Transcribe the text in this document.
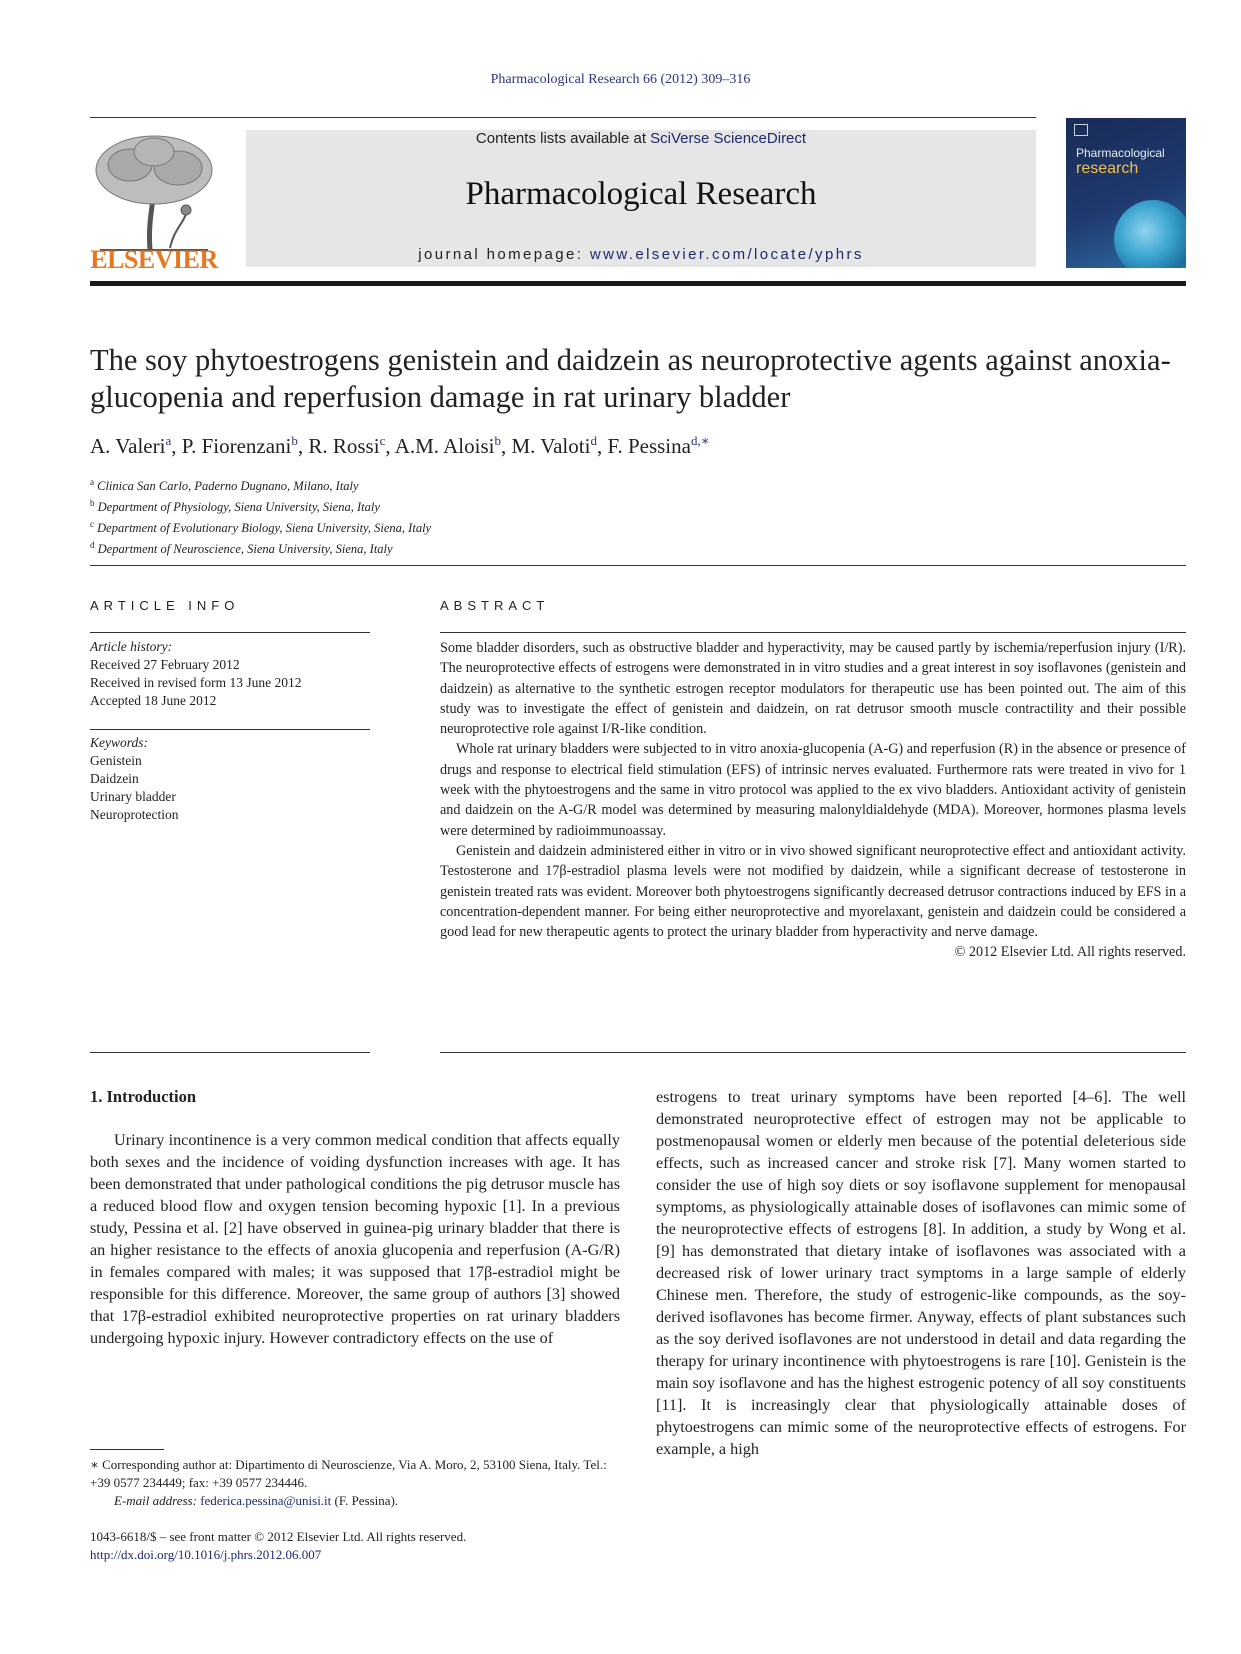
Pharmacological Research 66 (2012) 309–316
ELSEVIER
Contents lists available at SciVerse ScienceDirect
Pharmacological Research
journal homepage: www.elsevier.com/locate/yphrs
Pharmacological
research
The soy phytoestrogens genistein and daidzein as neuroprotective agents against anoxia-glucopenia and reperfusion damage in rat urinary bladder
A. Valeri$^a$, P. Fiorenzani$^b$, R. Rossi$^c$, A.M. Aloisi$^b$, M. Valoti$^d$, F. Pessina$^{d,∗}$
$^a$ Clinica San Carlo, Paderno Dugnano, Milano, Italy
$^b$ Department of Physiology, Siena University, Siena, Italy
$^c$ Department of Evolutionary Biology, Siena University, Siena, Italy
$^d$ Department of Neuroscience, Siena University, Siena, Italy
ARTICLE INFO
Article history:
Received 27 February 2012
Received in revised form 13 June 2012
Accepted 18 June 2012
Keywords:
Genistein
Daidzein
Urinary bladder
Neuroprotection
ABSTRACT

Some bladder disorders, such as obstructive bladder and hyperactivity, may be caused partly by ischemia/reperfusion injury (I/R). The neuroprotective effects of estrogens were demonstrated in in vitro studies and a great interest in soy isoflavones (genistein and daidzein) as alternative to the synthetic estrogen receptor modulators for therapeutic use has been pointed out. The aim of this study was to investigate the effect of genistein and daidzein, on rat detrusor smooth muscle contractility and their possible neuroprotective role against I/R-like condition.

Whole rat urinary bladders were subjected to in vitro anoxia-glucopenia (A-G) and reperfusion (R) in the absence or presence of drugs and response to electrical field stimulation (EFS) of intrinsic nerves evaluated. Furthermore rats were treated in vivo for 1 week with the phytoestrogens and the same in vitro protocol was applied to the ex vivo bladders. Antioxidant activity of genistein and daidzein on the A-G/R model was determined by measuring malonyldialdehyde (MDA). Moreover, hormones plasma levels were determined by radioimmunoassay.

Genistein and daidzein administered either in vitro or in vivo showed significant neuroprotective effect and antioxidant activity. Testosterone and 17β-estradiol plasma levels were not modified by daidzein, while a significant decrease of testosterone in genistein treated rats was evident. Moreover both phytoestrogens significantly decreased detrusor contractions induced by EFS in a concentration-dependent manner. For being either neuroprotective and myorelaxant, genistein and daidzein could be considered a good lead for new therapeutic agents to protect the urinary bladder from hyperactivity and nerve damage.

© 2012 Elsevier Ltd. All rights reserved.

1. Introduction

Urinary incontinence is a very common medical condition that affects equally both sexes and the incidence of voiding dysfunction increases with age. It has been demonstrated that under pathological conditions the pig detrusor muscle has a reduced blood flow and oxygen tension becoming hypoxic [1]. In a previous study, Pessina et al. [2] have observed in guinea-pig urinary bladder that there is an higher resistance to the effects of anoxia glucopenia and reperfusion (A-G/R) in females compared with males; it was supposed that 17β-estradiol might be responsible for this difference. Moreover, the same group of authors [3] showed that 17β-estradiol exhibited neuroprotective properties on rat urinary bladders undergoing hypoxic injury. However contradictory effects on the use of

estrogens to treat urinary symptoms have been reported [4–6]. The well demonstrated neuroprotective effect of estrogen may not be applicable to postmenopausal women or elderly men because of the potential deleterious side effects, such as increased cancer and stroke risk [7]. Many women started to consider the use of high soy diets or soy isoflavone supplement for menopausal symptoms, as physiologically attainable doses of isoflavones can mimic some of the neuroprotective effects of estrogens [8]. In addition, a study by Wong et al. [9] has demonstrated that dietary intake of isoflavones was associated with a decreased risk of lower urinary tract symptoms in a large sample of elderly Chinese men. Therefore, the study of estrogenic-like compounds, as the soy-derived isoflavones has become firmer. Anyway, effects of plant substances such as the soy derived isoflavones are not understood in detail and data regarding the therapy for urinary incontinence with phytoestrogens is rare [10]. Genistein is the main soy isoflavone and has the highest estrogenic potency of all soy constituents [11]. It is increasingly clear that physiologically attainable doses of phytoestrogens can mimic some of the neuroprotective effects of estrogens. For example, a high

∗ Corresponding author at: Dipartimento di Neuroscienze, Via A. Moro, 2, 53100 Siena, Italy. Tel.: +39 0577 234449; fax: +39 0577 234446.
E-mail address: federica.pessina@unisi.it (F. Pessina).
1043-6618/$ – see front matter © 2012 Elsevier Ltd. All rights reserved.
http://dx.doi.org/10.1016/j.phrs.2012.06.007
